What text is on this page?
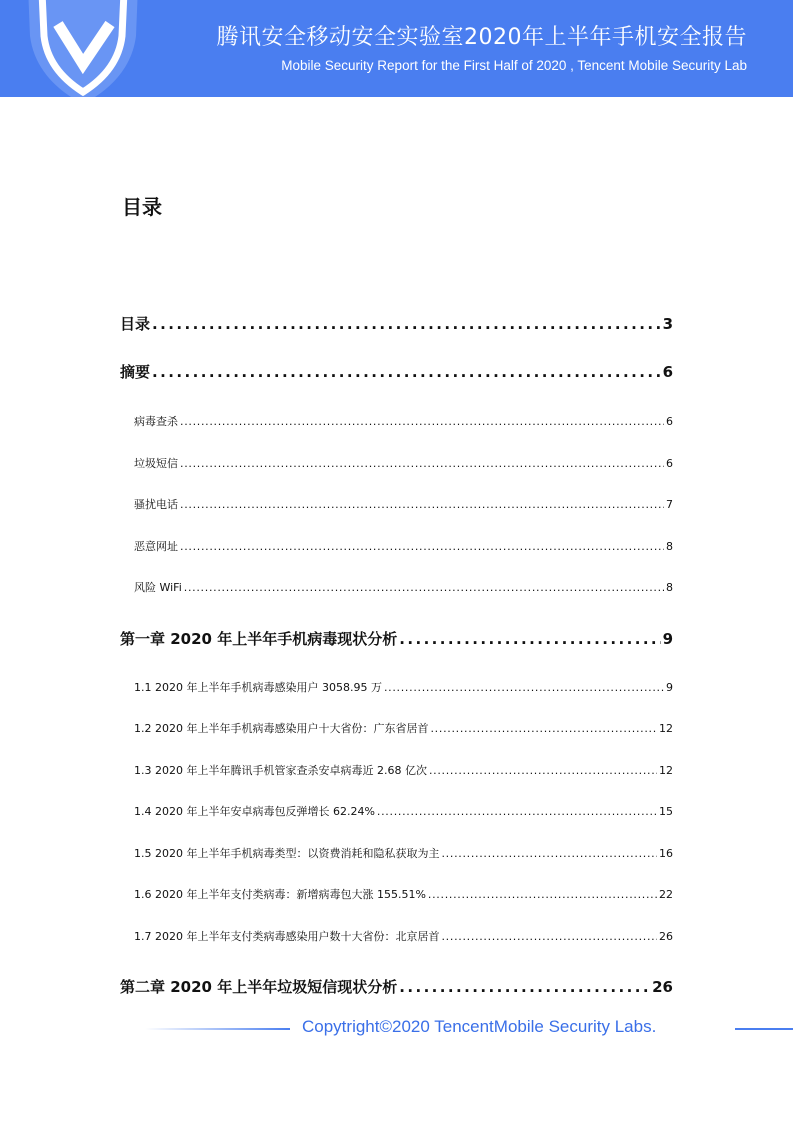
腾讯安全移动安全实验室2020年上半年手机安全报告
Mobile Security Report for the First Half of 2020 , Tencent Mobile Security Lab
目录
目录 . . .	3
摘要 . . .	6
病毒查杀 . . .	6
垃圾短信 . . .	6
骚扰电话 . . .	7
恶意网址 . . .	8
风险 WiFi . . .	8
第一章 2020 年上半年手机病毒现状分析 . . .	9
1.1 2020 年上半年手机病毒感染用户 3058.95 万 . . .	9
1.2 2020 年上半年手机病毒感染用户十大省份：广东省居首 . . .	12
1.3 2020 年上半年腾讯手机管家查杀安卓病毒近 2.68 亿次 . . .	12
1.4 2020 年上半年安卓病毒包反弹增长 62.24% . . .	15
1.5 2020 年上半年手机病毒类型：以资费消耗和隐私获取为主 . . .	16
1.6 2020 年上半年支付类病毒：新增病毒包大涨 155.51% . . .	22
1.7 2020 年上半年支付类病毒感染用户数十大省份：北京居首 . . .	26
第二章 2020 年上半年垃圾短信现状分析 . . .	26
Copytright©2020 TencentMobile Security Labs.
